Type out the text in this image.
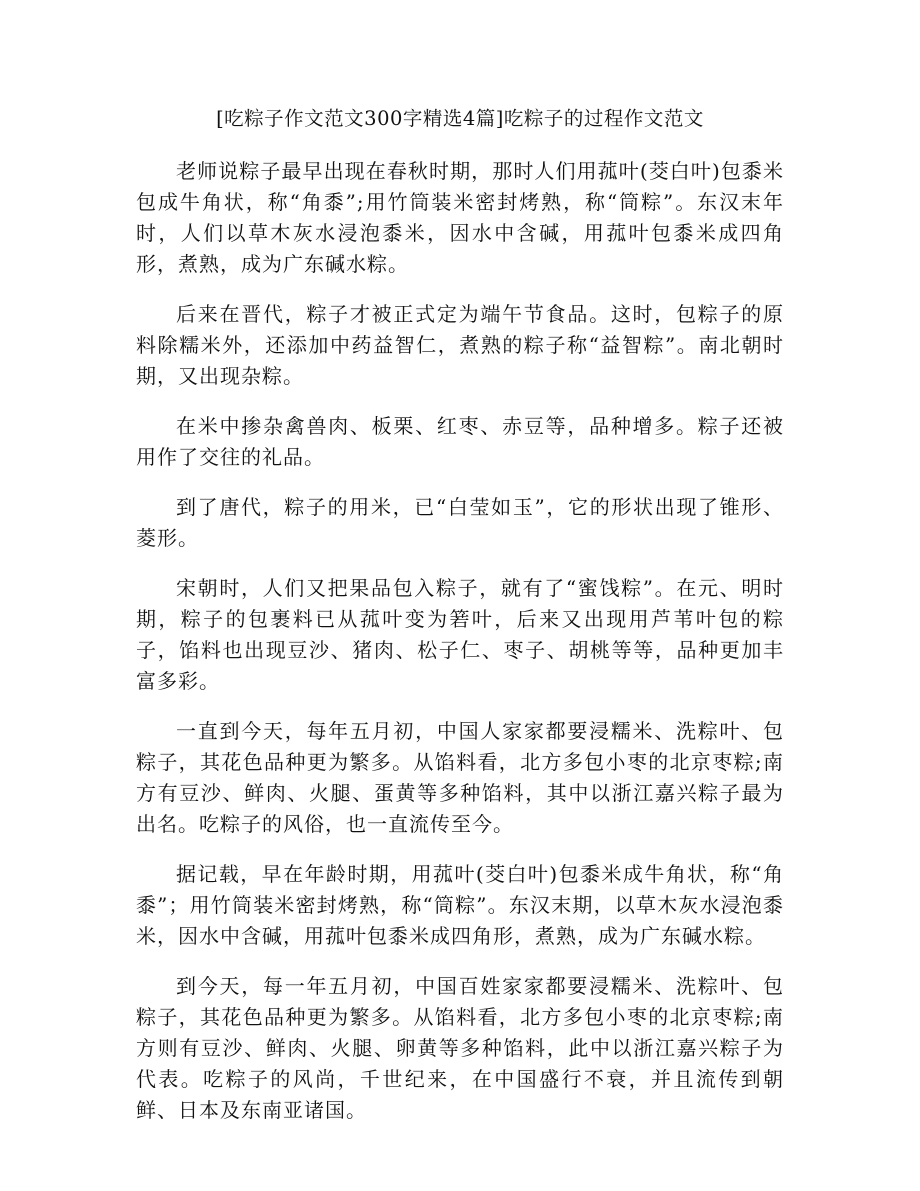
[吃粽子作文范文300字精选4篇]吃粽子的过程作文范文

老师说粽子最早出现在春秋时期，那时人们用菰叶(茭白叶)包黍米包成牛角状，称“角黍”;用竹筒装米密封烤熟，称“筒粽”。东汉末年时，人们以草木灰水浸泡黍米，因水中含碱，用菰叶包黍米成四角形，煮熟，成为广东碱水粽。

后来在晋代，粽子才被正式定为端午节食品。这时，包粽子的原料除糯米外，还添加中药益智仁，煮熟的粽子称“益智粽”。南北朝时期，又出现杂粽。

在米中掺杂禽兽肉、板栗、红枣、赤豆等，品种增多。粽子还被用作了交往的礼品。

到了唐代，粽子的用米，已“白莹如玉”，它的形状出现了锥形、菱形。

宋朝时，人们又把果品包入粽子，就有了“蜜饯粽”。在元、明时期，粽子的包裹料已从菰叶变为箬叶，后来又出现用芦苇叶包的粽子，馅料也出现豆沙、猪肉、松子仁、枣子、胡桃等等，品种更加丰富多彩。

一直到今天，每年五月初，中国人家家都要浸糯米、洗粽叶、包粽子，其花色品种更为繁多。从馅料看，北方多包小枣的北京枣粽;南方有豆沙、鲜肉、火腿、蛋黄等多种馅料，其中以浙江嘉兴粽子最为出名。吃粽子的风俗，也一直流传至今。

据记载，早在年龄时期，用菰叶(茭白叶)包黍米成牛角状，称“角黍”；用竹筒装米密封烤熟，称“筒粽”。东汉末期，以草木灰水浸泡黍米，因水中含碱，用菰叶包黍米成四角形，煮熟，成为广东碱水粽。

到今天，每一年五月初，中国百姓家家都要浸糯米、洗粽叶、包粽子，其花色品种更为繁多。从馅料看，北方多包小枣的北京枣粽;南方则有豆沙、鲜肉、火腿、卵黄等多种馅料，此中以浙江嘉兴粽子为代表。吃粽子的风尚，千世纪来，在中国盛行不衰，并且流传到朝鲜、日本及东南亚诸国。
